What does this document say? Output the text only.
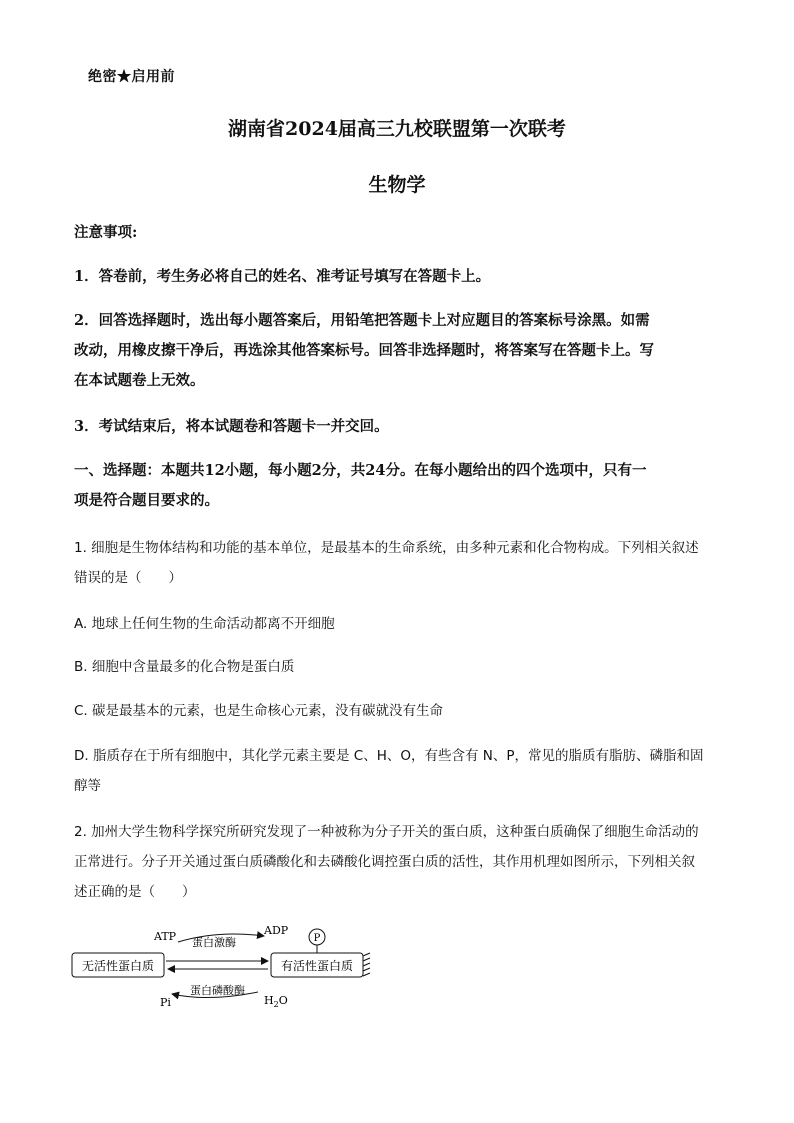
绝密★启用前
湖南省2024届高三九校联盟第一次联考
生物学
注意事项:
1．答卷前，考生务必将自己的姓名、准考证号填写在答题卡上。
2．回答选择题时，选出每小题答案后，用铅笔把答题卡上对应题目的答案标号涂黑。如需
改动，用橡皮擦干净后，再选涂其他答案标号。回答非选择题时，将答案写在答题卡上。写
在本试题卷上无效。
3．考试结束后，将本试题卷和答题卡一并交回。
一、选择题：本题共12小题，每小题2分，共24分。在每小题给出的四个选项中，只有一
项是符合题目要求的。
1. 细胞是生物体结构和功能的基本单位，是最基本的生命系统，由多种元素和化合物构成。下列相关叙述
错误的是（　　）
A. 地球上任何生物的生命活动都离不开细胞
B. 细胞中含量最多的化合物是蛋白质
C. 碳是最基本的元素，也是生命核心元素，没有碳就没有生命
D. 脂质存在于所有细胞中，其化学元素主要是 C、H、O，有些含有 N、P，常见的脂质有脂肪、磷脂和固
醇等
2. 加州大学生物科学探究所研究发现了一种被称为分子开关的蛋白质，这种蛋白质确保了细胞生命活动的
正常进行。分子开关通过蛋白质磷酸化和去磷酸化调控蛋白质的活性，其作用机理如图所示，下列相关叙
述正确的是（　　）
无活性蛋白质	有活性蛋白质
P
ATP	ADP
蛋白激酶
Pi
蛋白磷酸酶
$H_2O$
